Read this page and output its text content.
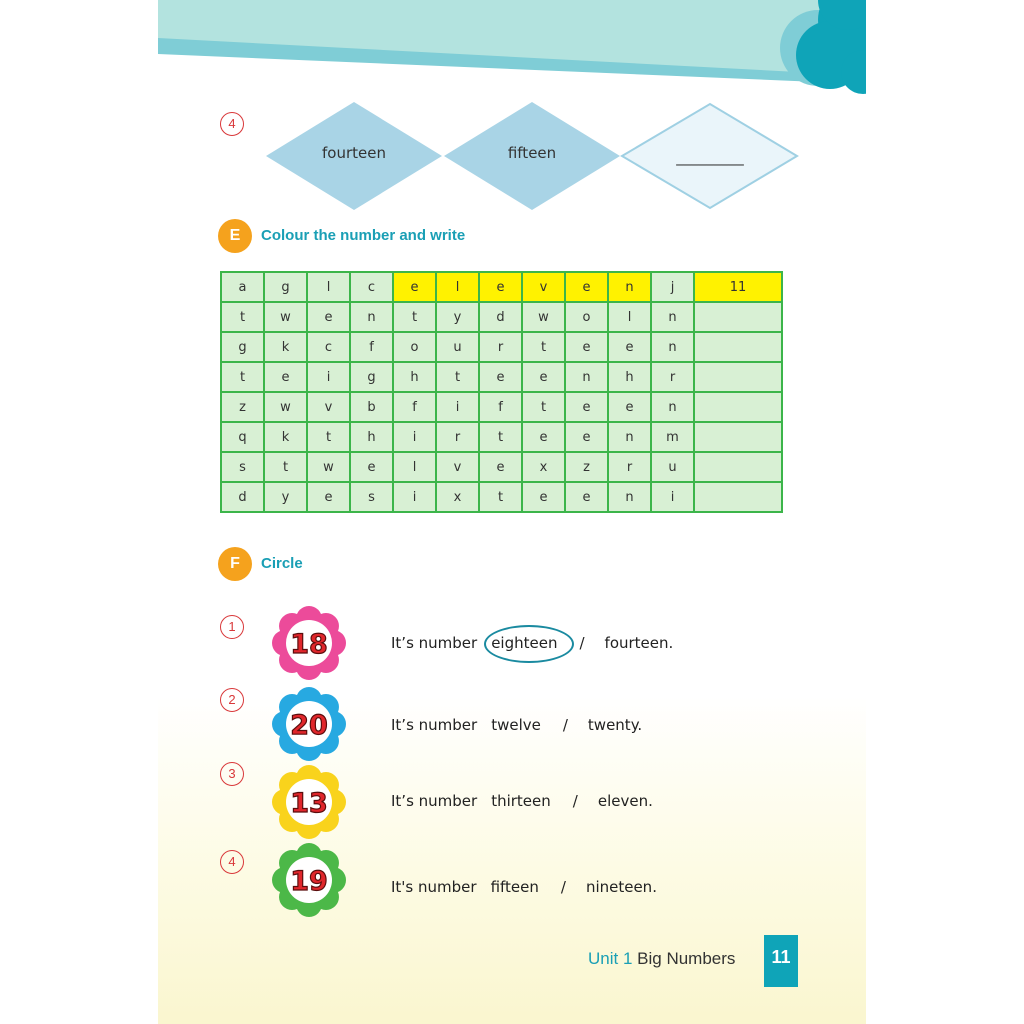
4
fourteen	fifteen	_________
E	Colour the number and write
a	g	l	c	e	l	e	v	e	n	j	11
t	w	e	n	t	y	d	w	o	l	n	
g	k	c	f	o	u	r	t	e	e	n	
t	e	i	g	h	t	e	e	n	h	r	
z	w	v	b	f	i	f	t	e	e	n	
q	k	t	h	i	r	t	e	e	n	m	
s	t	w	e	l	v	e	x	z	r	u	
d	y	e	s	i	x	t	e	e	n	i	
F	Circle
1
18	It’s number eighteen / fourteen.
2
20	It’s number twelve / twenty.
3
13	It’s number thirteen / eleven.
4
19	It's number fifteen / nineteen.
Unit 1 Big Numbers	11
